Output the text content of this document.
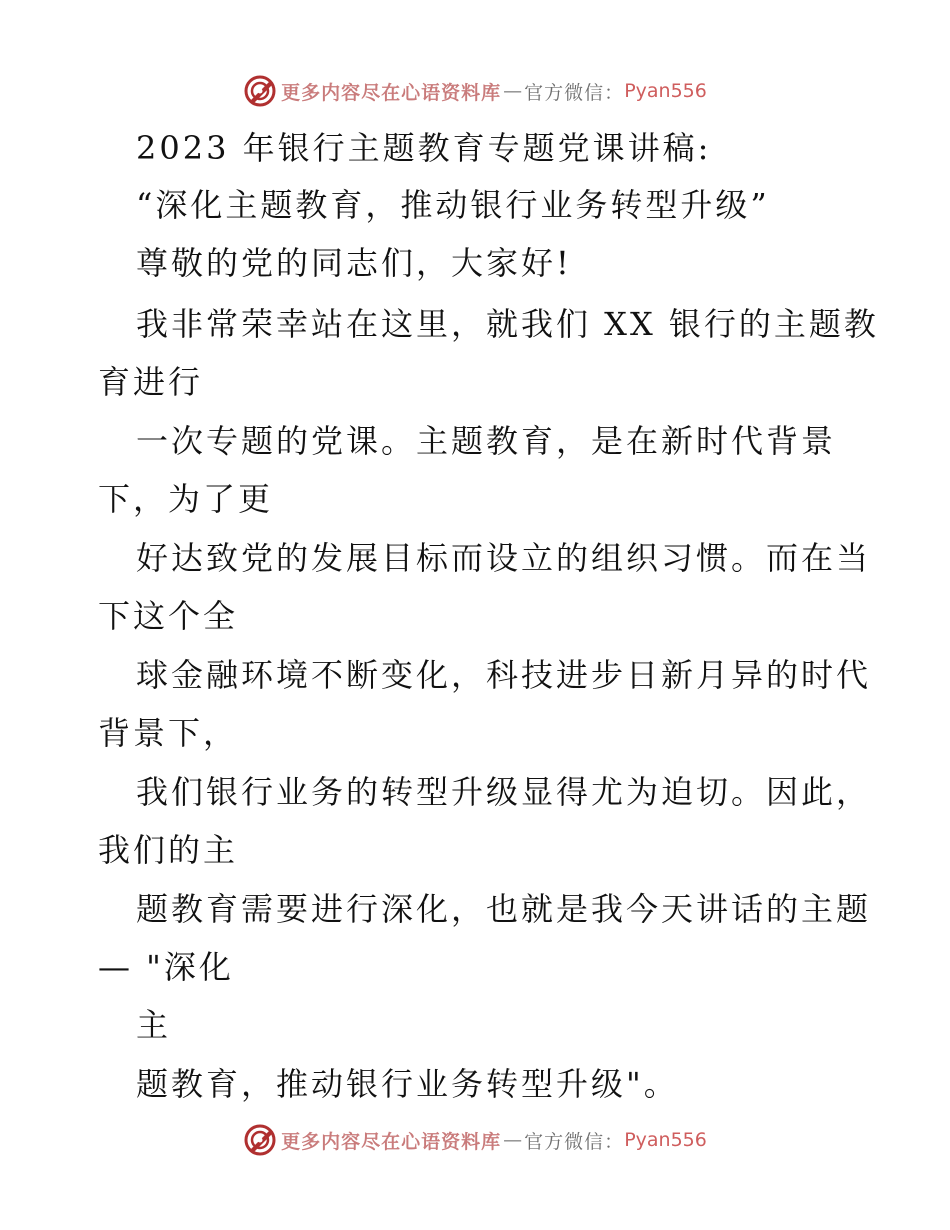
更多内容尽在心语资料库 — 官方微信： Pyan556
2023 年银行主题教育专题党课讲稿:
“深化主题教育，推动银行业务转型升级”
尊敬的党的同志们，大家好!
我非常荣幸站在这里，就我们 XX 银行的主题教
育进行
一次专题的党课。主题教育，是在新时代背景
下，为了更
好达致党的发展目标而设立的组织习惯。而在当
下这个全
球金融环境不断变化，科技进步日新月异的时代
背景下，
我们银行业务的转型升级显得尤为迫切。因此，
我们的主
题教育需要进行深化，也就是我今天讲话的主题
— "深化
主
题教育，推动银行业务转型升级"。
更多内容尽在心语资料库 — 官方微信： Pyan556
